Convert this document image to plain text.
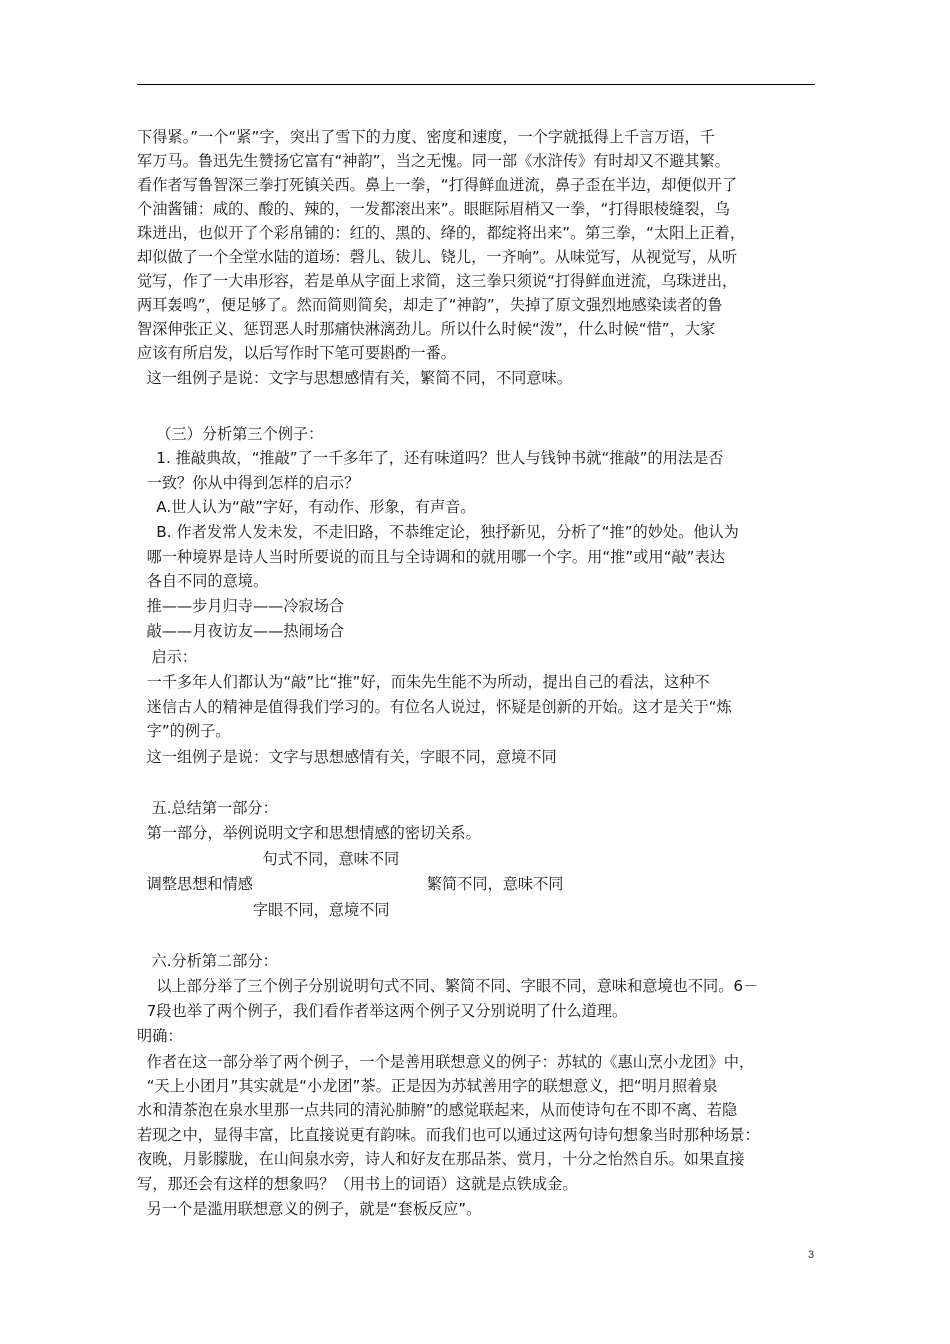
下得紧。”一个“紧”字，突出了雪下的力度、密度和速度，一个字就抵得上千言万语，千
军万马。鲁迅先生赞扬它富有“神韵”，当之无愧。同一部《水浒传》有时却又不避其繁。
看作者写鲁智深三拳打死镇关西。鼻上一拳，“打得鲜血迸流，鼻子歪在半边，却便似开了
个油酱铺：咸的、酸的、辣的，一发都滚出来”。眼眶际眉梢又一拳，“打得眼棱缝裂，乌
珠迸出，也似开了个彩帛铺的：红的、黑的、绛的，都绽将出来”。第三拳，“太阳上正着，
却似做了一个全堂水陆的道场：磬儿、钹儿、铙儿，一齐响”。从味觉写，从视觉写，从听
觉写，作了一大串形容，若是单从字面上求简，这三拳只须说“打得鲜血迸流，乌珠迸出，
两耳轰鸣”，便足够了。然而简则简矣，却走了“神韵”，失掉了原文强烈地感染读者的鲁
智深伸张正义、惩罚恶人时那痛快淋漓劲儿。所以什么时候“泼”，什么时候“惜”，大家
应该有所启发，以后写作时下笔可要斟酌一番。
这一组例子是说：文字与思想感情有关，繁简不同，不同意味。
（三）分析第三个例子：
1. 推敲典故，“推敲”了一千多年了，还有味道吗？世人与钱钟书就“推敲”的用法是否
一致？你从中得到怎样的启示？
A.世人认为“敲”字好，有动作、形象，有声音。
B. 作者发常人发未发，不走旧路，不恭维定论，独抒新见，分析了“推”的妙处。他认为
哪一种境界是诗人当时所要说的而且与全诗调和的就用哪一个字。用“推”或用“敲”表达
各自不同的意境。
推——步月归寺——冷寂场合
敲——月夜访友——热闹场合
启示：
一千多年人们都认为“敲”比“推”好，而朱先生能不为所动，提出自己的看法，这种不
迷信古人的精神是值得我们学习的。有位名人说过，怀疑是创新的开始。这才是关于“炼
字”的例子。
这一组例子是说：文字与思想感情有关，字眼不同，意境不同
五.总结第一部分：
第一部分，举例说明文字和思想情感的密切关系。
句式不同，意味不同
调整思想和情感                                    繁简不同，意味不同
字眼不同，意境不同
六.分析第二部分：
以上部分举了三个例子分别说明句式不同、繁简不同、字眼不同，意味和意境也不同。6－
7段也举了两个例子，我们看作者举这两个例子又分别说明了什么道理。
明确：
作者在这一部分举了两个例子，一个是善用联想意义的例子：苏轼的《惠山烹小龙团》中，
“天上小团月”其实就是“小龙团”茶。正是因为苏轼善用字的联想意义，把“明月照着泉
水和清茶泡在泉水里那一点共同的清沁肺腑”的感觉联起来，从而使诗句在不即不离、若隐
若现之中，显得丰富，比直接说更有韵味。而我们也可以通过这两句诗句想象当时那种场景：
夜晚，月影朦胧，在山间泉水旁，诗人和好友在那品茶、赏月，十分之怡然自乐。如果直接
写，那还会有这样的想象吗？（用书上的词语）这就是点铁成金。
另一个是滥用联想意义的例子，就是“套板反应”。
3
